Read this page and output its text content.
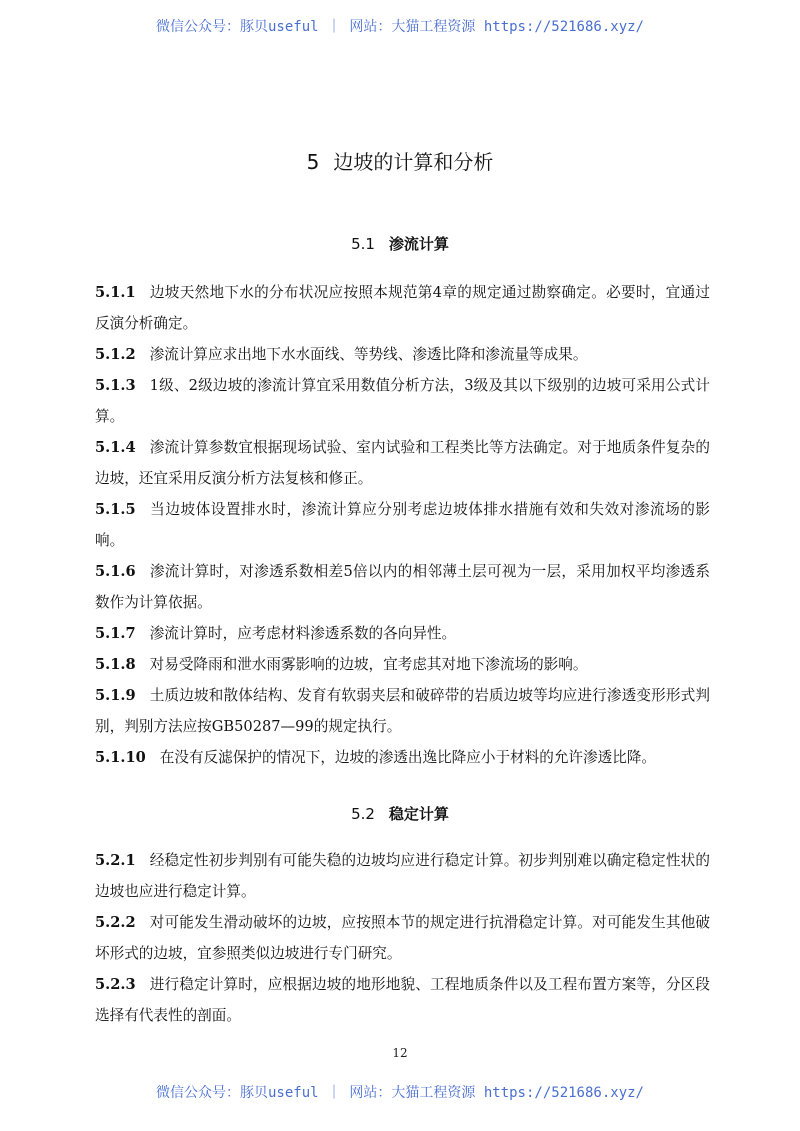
微信公众号：豚贝useful ｜ 网站：大猫工程资源 https://521686.xyz/
5 边坡的计算和分析
5.1 渗流计算

5.1.1 边坡天然地下水的分布状况应按照本规范第4章的规定通过勘察确定。必要时，宜通过反演分析确定。

5.1.2 渗流计算应求出地下水水面线、等势线、渗透比降和渗流量等成果。

5.1.3 1级、2级边坡的渗流计算宜采用数值分析方法，3级及其以下级别的边坡可采用公式计算。

5.1.4 渗流计算参数宜根据现场试验、室内试验和工程类比等方法确定。对于地质条件复杂的边坡，还宜采用反演分析方法复核和修正。

5.1.5 当边坡体设置排水时，渗流计算应分别考虑边坡体排水措施有效和失效对渗流场的影响。

5.1.6 渗流计算时，对渗透系数相差5倍以内的相邻薄土层可视为一层，采用加权平均渗透系数作为计算依据。

5.1.7 渗流计算时，应考虑材料渗透系数的各向异性。

5.1.8 对易受降雨和泄水雨雾影响的边坡，宜考虑其对地下渗流场的影响。

5.1.9 土质边坡和散体结构、发育有软弱夹层和破碎带的岩质边坡等均应进行渗透变形形式判别，判别方法应按GB50287—99的规定执行。

5.1.10 在没有反滤保护的情况下，边坡的渗透出逸比降应小于材料的允许渗透比降。

5.2 稳定计算

5.2.1 经稳定性初步判别有可能失稳的边坡均应进行稳定计算。初步判别难以确定稳定性状的边坡也应进行稳定计算。

5.2.2 对可能发生滑动破坏的边坡，应按照本节的规定进行抗滑稳定计算。对可能发生其他破坏形式的边坡，宜参照类似边坡进行专门研究。

5.2.3 进行稳定计算时，应根据边坡的地形地貌、工程地质条件以及工程布置方案等，分区段选择有代表性的剖面。

12
微信公众号：豚贝useful ｜ 网站：大猫工程资源 https://521686.xyz/
